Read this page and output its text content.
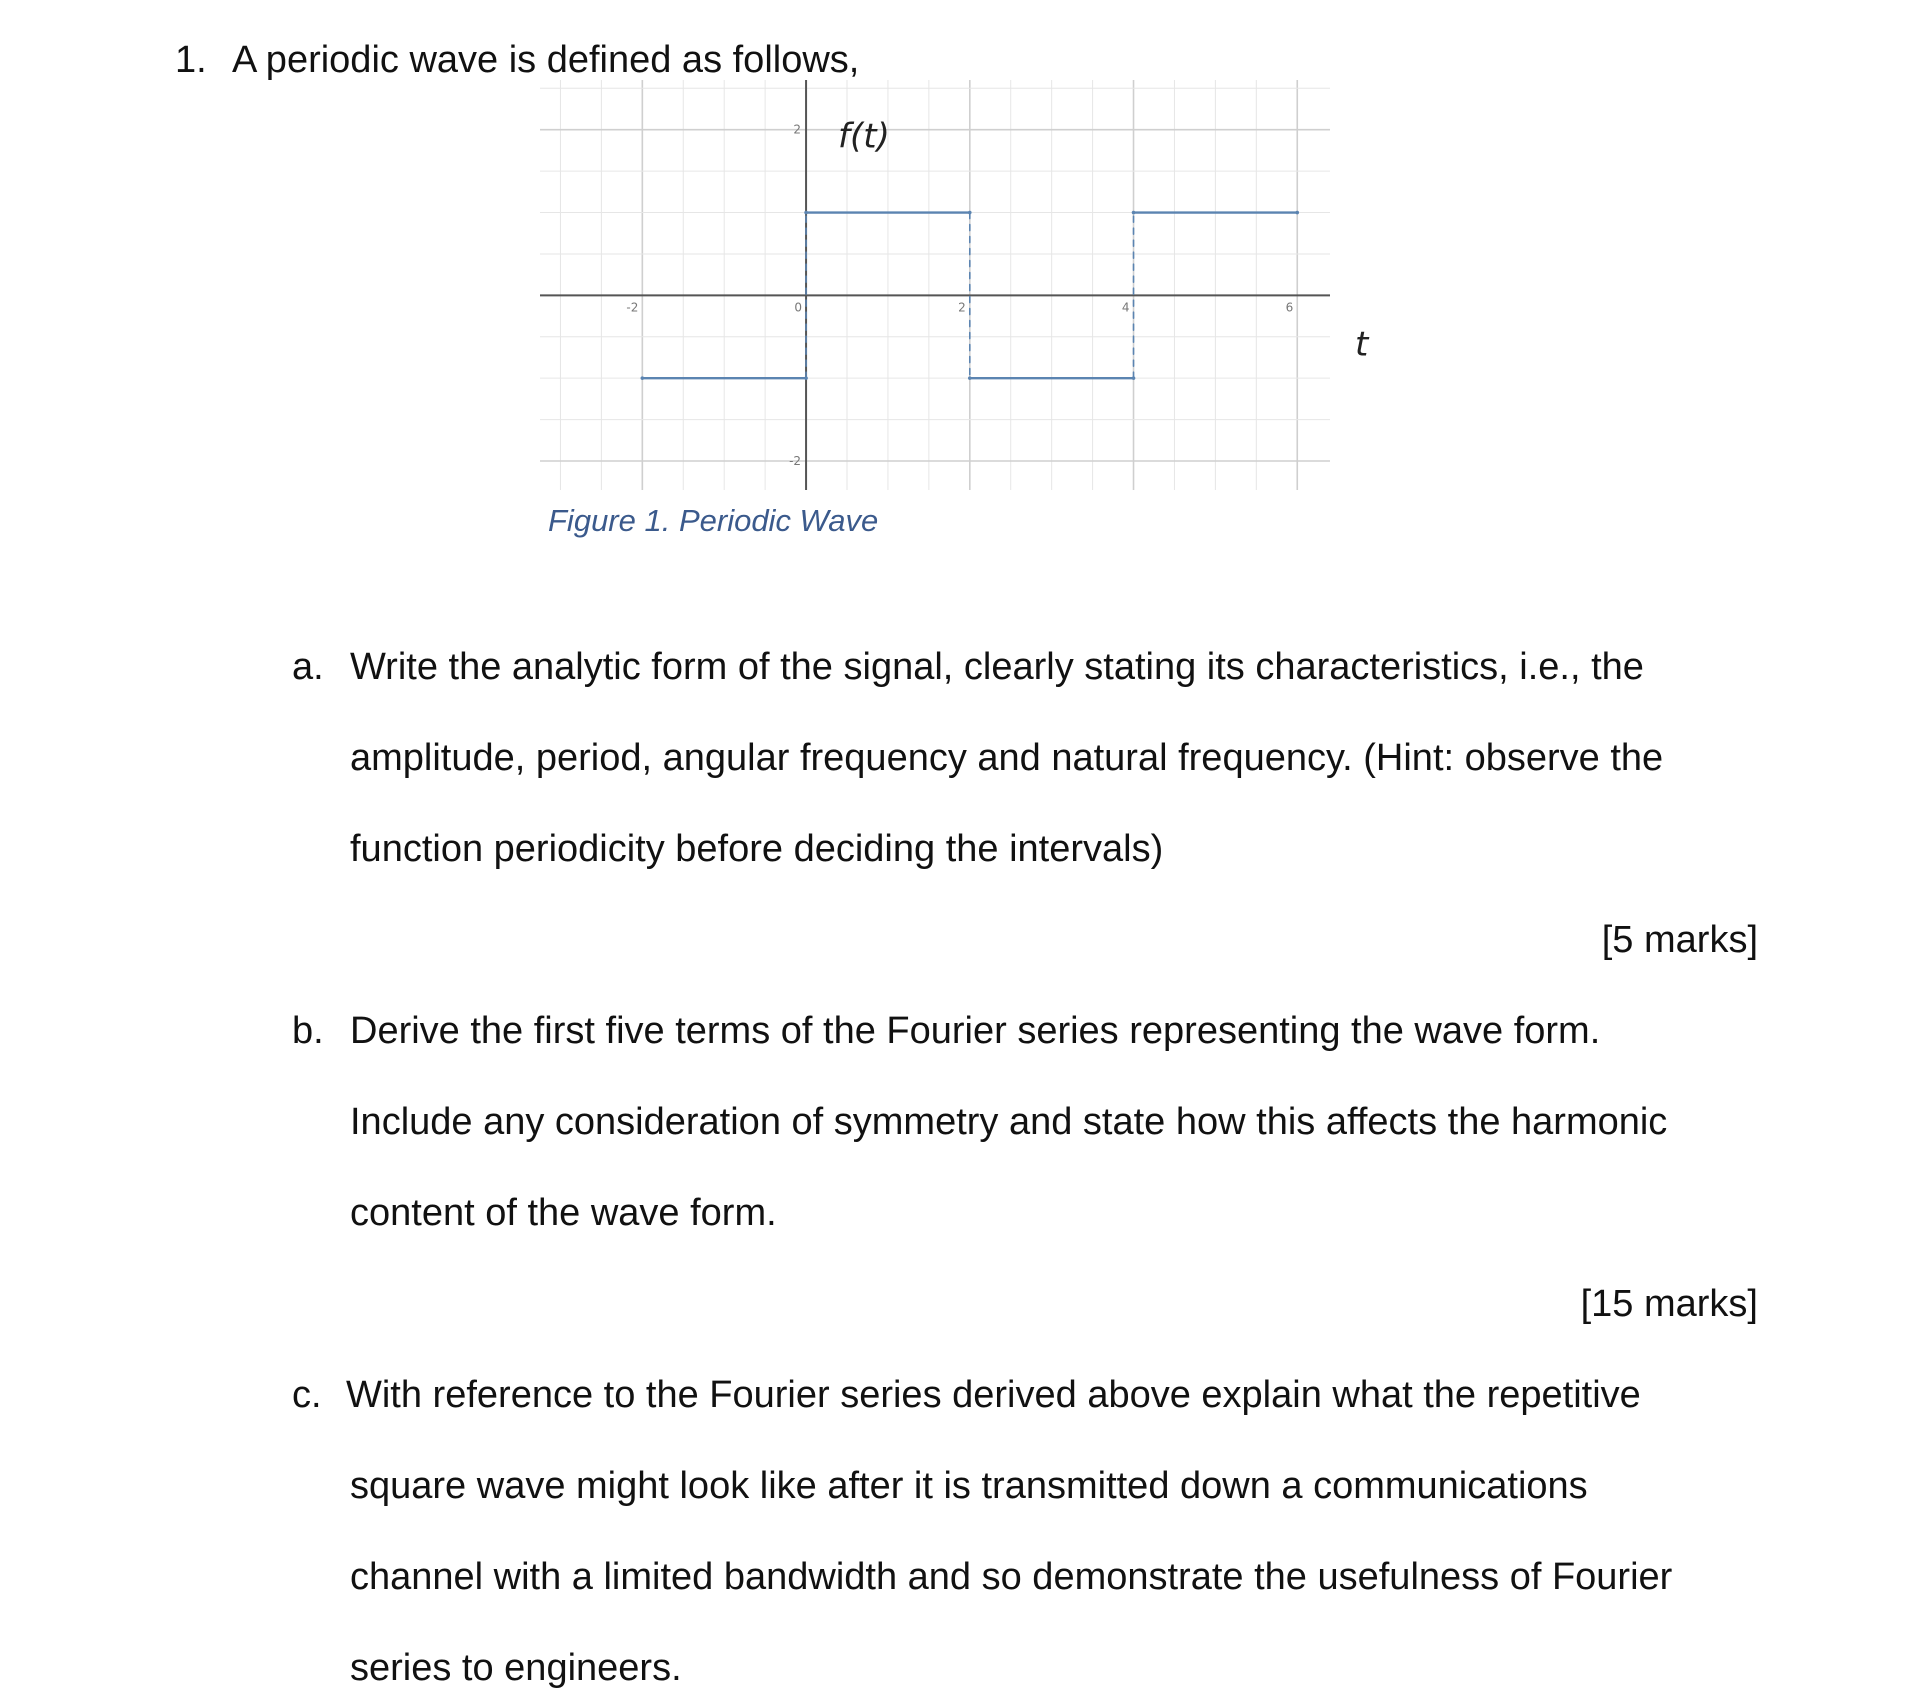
1. A periodic wave is defined as follows,

-2	0	2	4	6
2
-2
f(t)
t

Figure 1. Periodic Wave

a. Write the analytic form of the signal, clearly stating its characteristics, i.e., the

amplitude, period, angular frequency and natural frequency. (Hint: observe the

function periodicity before deciding the intervals)

[5 marks]

b. Derive the first five terms of the Fourier series representing the wave form.

Include any consideration of symmetry and state how this affects the harmonic

content of the wave form.

[15 marks]

c. With reference to the Fourier series derived above explain what the repetitive

square wave might look like after it is transmitted down a communications

channel with a limited bandwidth and so demonstrate the usefulness of Fourier

series to engineers.
